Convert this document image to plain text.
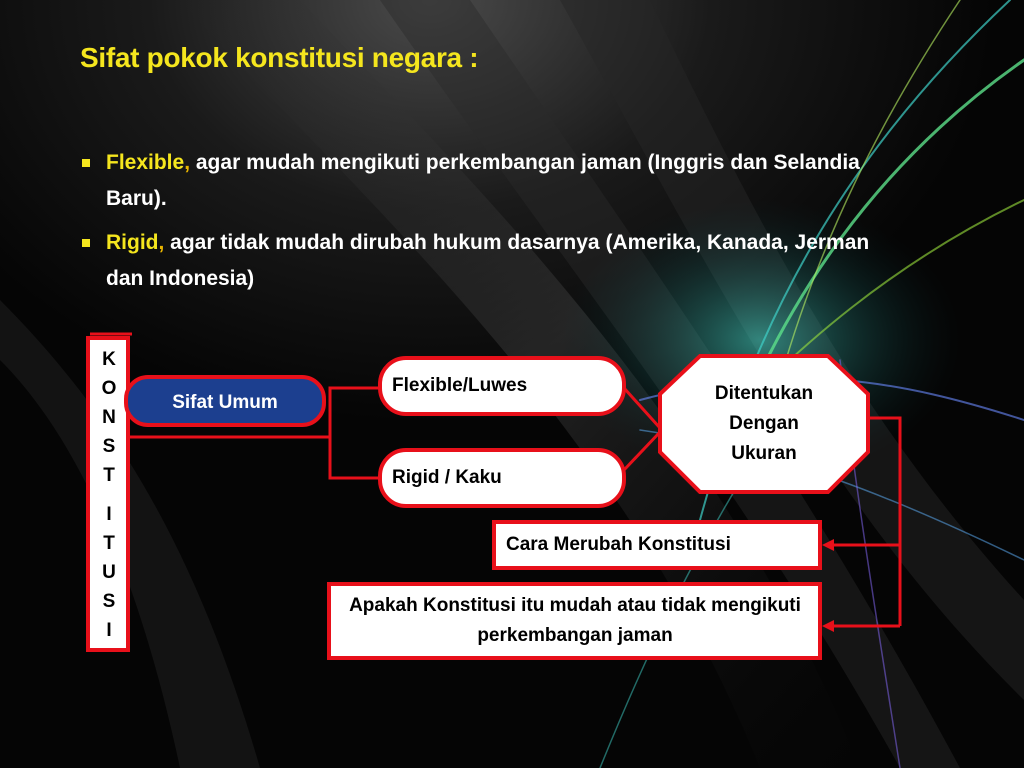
Sifat pokok konstitusi negara :
Flexible, agar mudah mengikuti perkembangan jaman (Inggris dan Selandia Baru).
Rigid, agar tidak mudah dirubah hukum dasarnya (Amerika, Kanada, Jerman dan Indonesia)
K
O
N
S
T
I
T
U
S
I
Sifat Umum
Flexible/Luwes
Rigid / Kaku
Ditentukan Dengan Ukuran
Cara Merubah Konstitusi
Apakah Konstitusi itu mudah atau tidak mengikuti perkembangan jaman
